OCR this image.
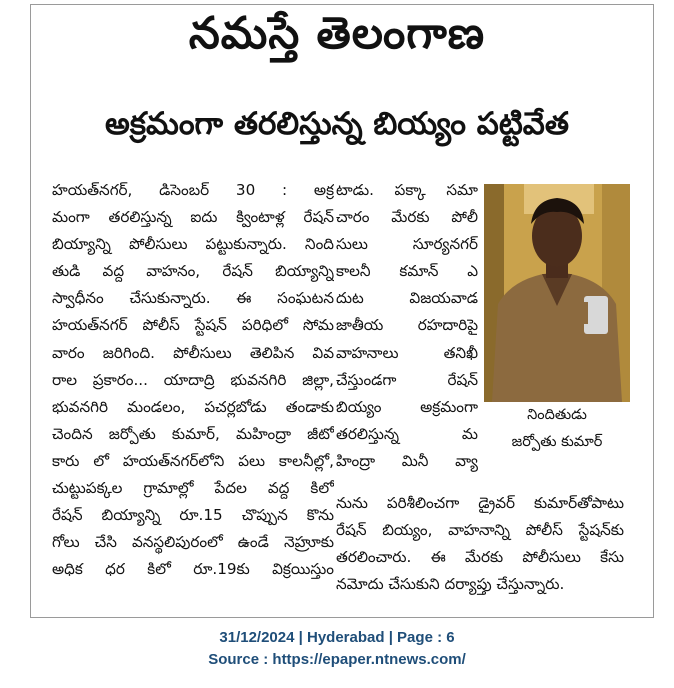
నమస్తే తెలంగాణ
అక్రమంగా తరలిస్తున్న బియ్యం పట్టివేత
హయత్‌నగర్, డిసెంబర్ 30 : అక్ర
మంగా తరలిస్తున్న ఐదు క్వింటాళ్ల రేషన్
బియ్యాన్ని పోలీసులు పట్టుకున్నారు. నింది
తుడి వద్ద వాహనం, రేషన్ బియ్యాన్ని
స్వాధీనం చేసుకున్నారు. ఈ సంఘటన
హయత్‌నగర్ పోలీస్ స్టేషన్ పరిధిలో సోమ
వారం జరిగింది. పోలీసులు తెలిపిన వివ
రాల ప్రకారం... యాదాద్రి భువనగిరి జిల్లా,
భువనగిరి మండలం, పచర్లబోడు తండాకు
చెందిన జర్పోతు కుమార్, మహింద్రా జీటో
కారు లో హయత్‌నగర్‌లోని పలు కాలనీల్లో,
చుట్టుపక్కల గ్రామాల్లో పేదల వద్ద కిలో
రేషన్ బియ్యాన్ని రూ.15 చొప్పున కొను
గోలు చేసి వనస్థలిపురంలో ఉండే నెహ్రూకు
అధిక ధర కిలో రూ.19కు విక్రయిస్తుం
టాడు. పక్కా సమా
చారం మేరకు పోలీ
సులు సూర్యనగర్
కాలనీ కమాన్ ఎ
దుట విజయవాడ
జాతీయ రహదారిపై
వాహనాలు తనిఖీ
చేస్తుండగా రేషన్
బియ్యం అక్రమంగా
తరలిస్తున్న మ
హింద్రా మినీ వ్యా
నిందితుడు
జర్పోతు కుమార్
నును పరిశీలించగా డ్రైవర్ కుమార్‌తోపాటు
రేషన్ బియ్యం, వాహనాన్ని పోలీస్ స్టేషన్‌కు
తరలించారు. ఈ మేరకు పోలీసులు కేసు
నమోదు చేసుకుని దర్యాప్తు చేస్తున్నారు.
31/12/2024 | Hyderabad | Page : 6
Source : https://epaper.ntnews.com/
